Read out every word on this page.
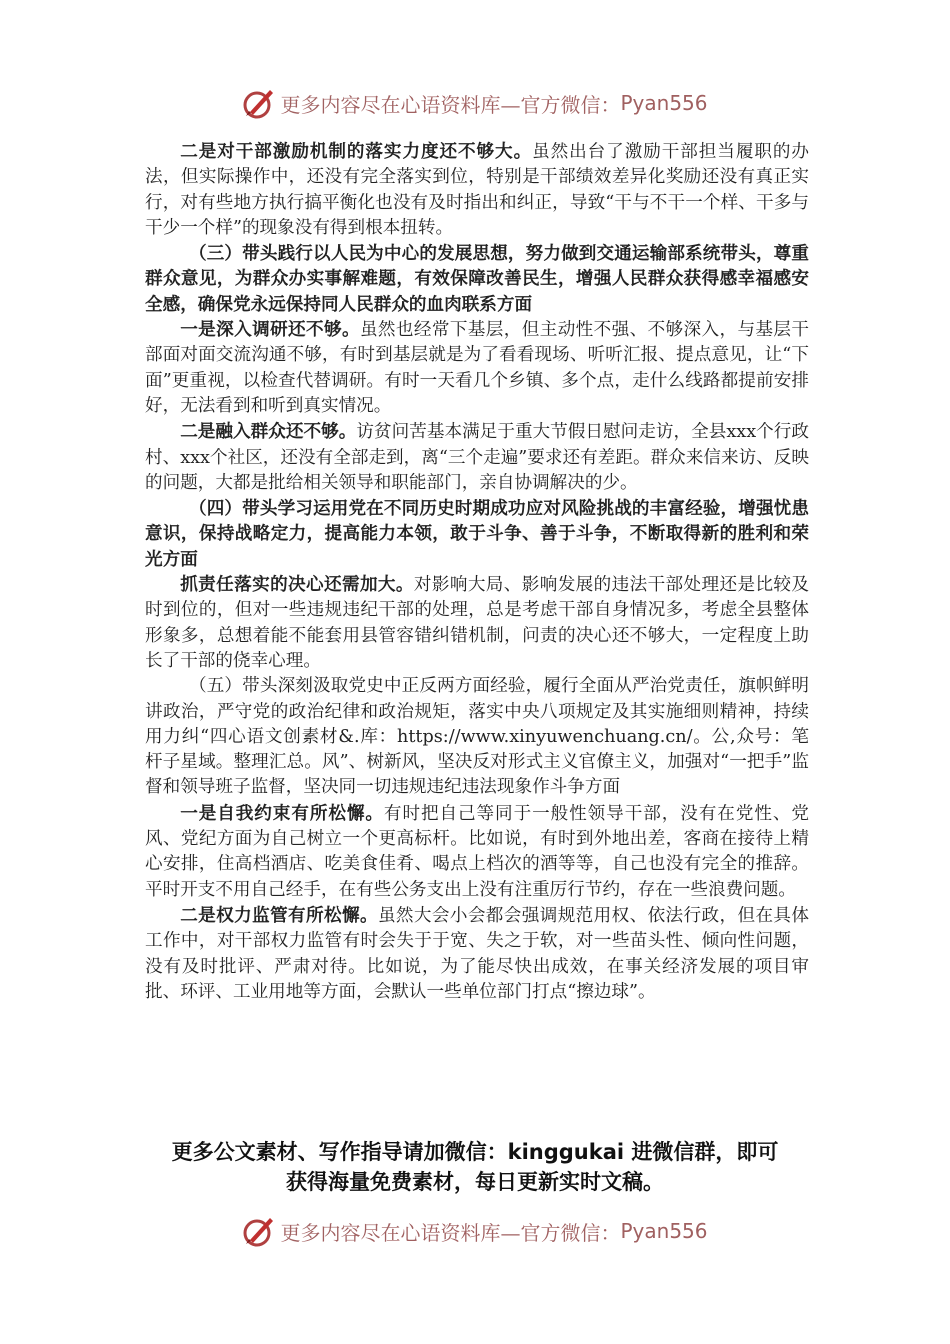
更多内容尽在心语资料库—官方微信： Pyan556

二是对干部激励机制的落实力度还不够大。虽然出台了激励干部担当履职的办法，但实际操作中，还没有完全落实到位，特别是干部绩效差异化奖励还没有真正实行，对有些地方执行搞平衡化也没有及时指出和纠正，导致“干与不干一个样、干多与干少一个样”的现象没有得到根本扭转。

（三）带头践行以人民为中心的发展思想，努力做到交通运输部系统带头，尊重群众意见，为群众办实事解难题，有效保障改善民生，增强人民群众获得感幸福感安全感，确保党永远保持同人民群众的血肉联系方面

一是深入调研还不够。虽然也经常下基层，但主动性不强、不够深入，与基层干部面对面交流沟通不够，有时到基层就是为了看看现场、听听汇报、提点意见，让“下面”更重视，以检查代替调研。有时一天看几个乡镇、多个点，走什么线路都提前安排好，无法看到和听到真实情况。

二是融入群众还不够。访贫问苦基本满足于重大节假日慰问走访，全县xxx个行政村、xxx个社区，还没有全部走到，离“三个走遍”要求还有差距。群众来信来访、反映的问题，大都是批给相关领导和职能部门，亲自协调解决的少。

（四）带头学习运用党在不同历史时期成功应对风险挑战的丰富经验，增强忧患意识，保持战略定力，提高能力本领，敢于斗争、善于斗争，不断取得新的胜利和荣光方面

抓责任落实的决心还需加大。对影响大局、影响发展的违法干部处理还是比较及时到位的，但对一些违规违纪干部的处理，总是考虑干部自身情况多，考虑全县整体形象多，总想着能不能套用县管容错纠错机制，问责的决心还不够大，一定程度上助长了干部的侥幸心理。

（五）带头深刻汲取党史中正反两方面经验，履行全面从严治党责任，旗帜鲜明讲政治，严守党的政治纪律和政治规矩，落实中央八项规定及其实施细则精神，持续用力纠“四心语文创素材&.库：https://www.xinyuwenchuang.cn/。公,众号：笔杆子星域。整理汇总。风”、树新风，坚决反对形式主义官僚主义，加强对“一把手”监督和领导班子监督，坚决同一切违规违纪违法现象作斗争方面

一是自我约束有所松懈。有时把自己等同于一般性领导干部，没有在党性、党风、党纪方面为自己树立一个更高标杆。比如说，有时到外地出差，客商在接待上精心安排，住高档酒店、吃美食佳肴、喝点上档次的酒等等，自己也没有完全的推辞。平时开支不用自己经手，在有些公务支出上没有注重厉行节约，存在一些浪费问题。

二是权力监管有所松懈。虽然大会小会都会强调规范用权、依法行政，但在具体工作中，对干部权力监管有时会失于于宽、失之于软，对一些苗头性、倾向性问题，没有及时批评、严肃对待。比如说，为了能尽快出成效，在事关经济发展的项目审批、环评、工业用地等方面，会默认一些单位部门打点“擦边球”。

更多公文素材、写作指导请加微信：kinggukai 进微信群，即可
获得海量免费素材，每日更新实时文稿。
更多内容尽在心语资料库—官方微信： Pyan556
